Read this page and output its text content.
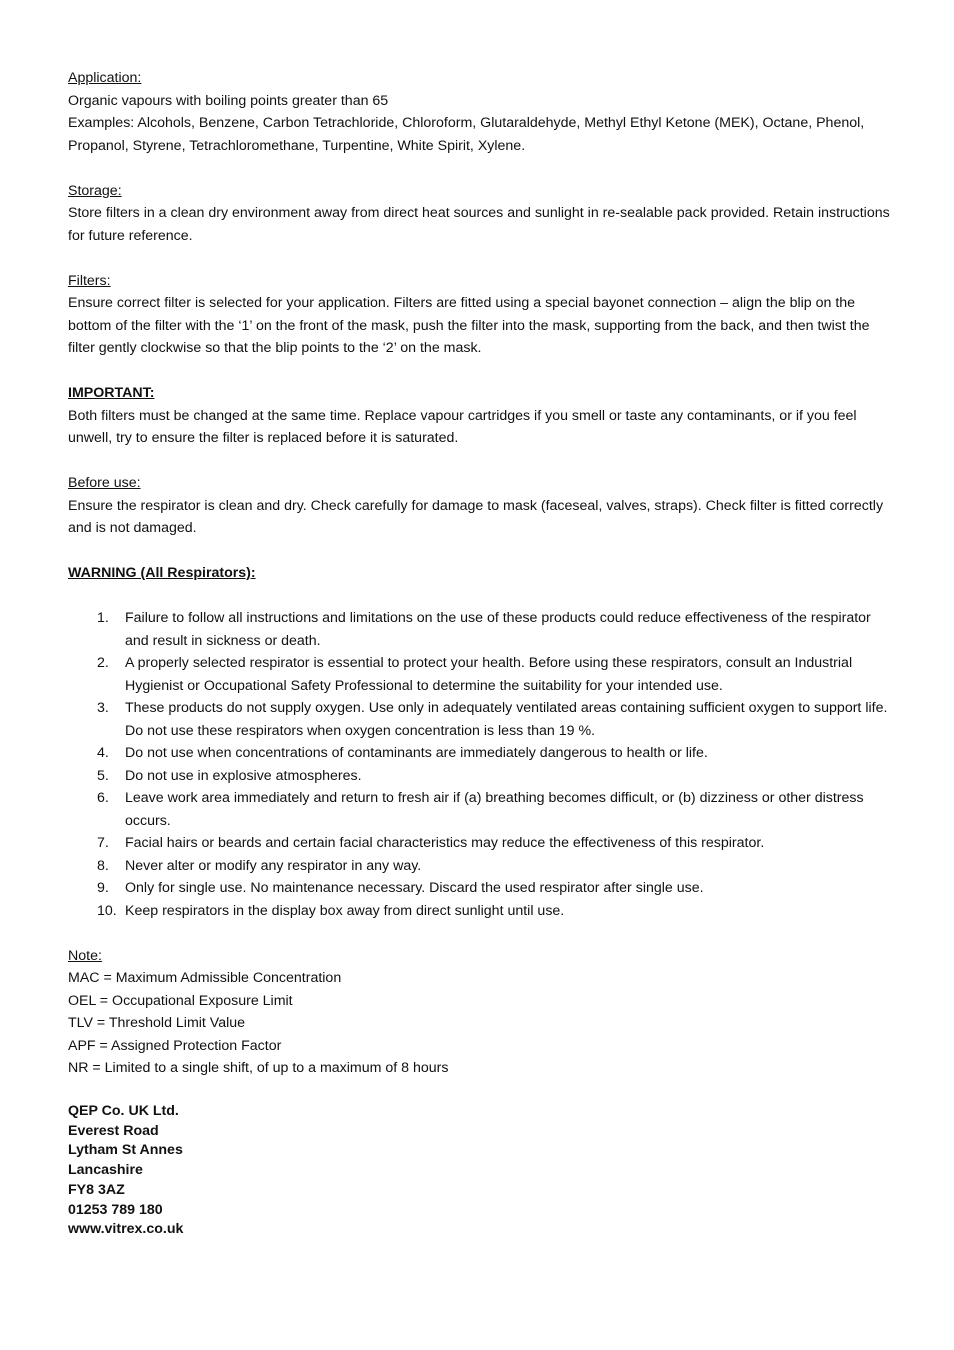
Application:

Organic vapours with boiling points greater than 65

Examples: Alcohols, Benzene, Carbon Tetrachloride, Chloroform, Glutaraldehyde, Methyl Ethyl Ketone (MEK), Octane, Phenol, Propanol, Styrene, Tetrachloromethane, Turpentine, White Spirit, Xylene.

Storage:

Store filters in a clean dry environment away from direct heat sources and sunlight in re-sealable pack provided. Retain instructions for future reference.

Filters:

Ensure correct filter is selected for your application. Filters are fitted using a special bayonet connection – align the blip on the bottom of the filter with the ‘1’ on the front of the mask, push the filter into the mask, supporting from the back, and then twist the filter gently clockwise so that the blip points to the ‘2’ on the mask.

IMPORTANT:

Both filters must be changed at the same time. Replace vapour cartridges if you smell or taste any contaminants, or if you feel unwell, try to ensure the filter is replaced before it is saturated.

Before use:

Ensure the respirator is clean and dry. Check carefully for damage to mask (faceseal, valves, straps). Check filter is fitted correctly and is not damaged.

WARNING (All Respirators):
1.	Failure to follow all instructions and limitations on the use of these products could reduce effectiveness of the respirator and result in sickness or death.
2.	A properly selected respirator is essential to protect your health. Before using these respirators, consult an Industrial Hygienist or Occupational Safety Professional to determine the suitability for your intended use.
3.	These products do not supply oxygen. Use only in adequately ventilated areas containing sufficient oxygen to support life. Do not use these respirators when oxygen concentration is less than 19 %.
4.	Do not use when concentrations of contaminants are immediately dangerous to health or life.
5.	Do not use in explosive atmospheres.
6.	Leave work area immediately and return to fresh air if (a) breathing becomes difficult, or (b) dizziness or other distress occurs.
7.	Facial hairs or beards and certain facial characteristics may reduce the effectiveness of this respirator.
8.	Never alter or modify any respirator in any way.
9.	Only for single use. No maintenance necessary. Discard the used respirator after single use.
10. Keep respirators in the display box away from direct sunlight until use.
Note:

MAC = Maximum Admissible Concentration

OEL = Occupational Exposure Limit

TLV = Threshold Limit Value

APF = Assigned Protection Factor

NR = Limited to a single shift, of up to a maximum of 8 hours

QEP Co. UK Ltd.
Everest Road
Lytham St Annes
Lancashire
FY8 3AZ
01253 789 180
www.vitrex.co.uk
